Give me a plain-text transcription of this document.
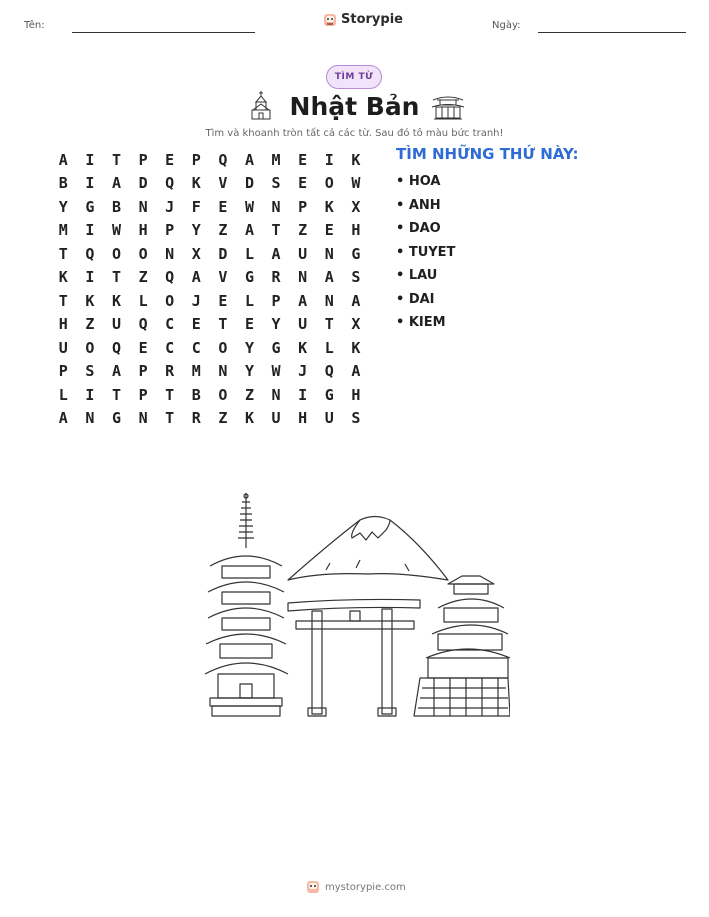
Tên:	Storypie	Ngày:
TÌM TỪ
Nhật Bản
Tìm và khoanh tròn tất cả các từ. Sau đó tô màu bức tranh!
A	I	T	P	E	P	Q	A	M	E	I	K
B	I	A	D	Q	K	V	D	S	E	O	W
Y	G	B	N	J	F	E	W	N	P	K	X
M	I	W	H	P	Y	Z	A	T	Z	E	H
T	Q	O	O	N	X	D	L	A	U	N	G
K	I	T	Z	Q	A	V	G	R	N	A	S
T	K	K	L	O	J	E	L	P	A	N	A
H	Z	U	Q	C	E	T	E	Y	U	T	X
U	O	Q	E	C	C	O	Y	G	K	L	K
P	S	A	P	R	M	N	Y	W	J	Q	A
L	I	T	P	T	B	O	Z	N	I	G	H
A	N	G	N	T	R	Z	K	U	H	U	S
TÌM NHỮNG THỨ NÀY:
• HOA
• ANH
• DAO
• TUYET
• LAU
• DAI
• KIEM
mystorypie.com
